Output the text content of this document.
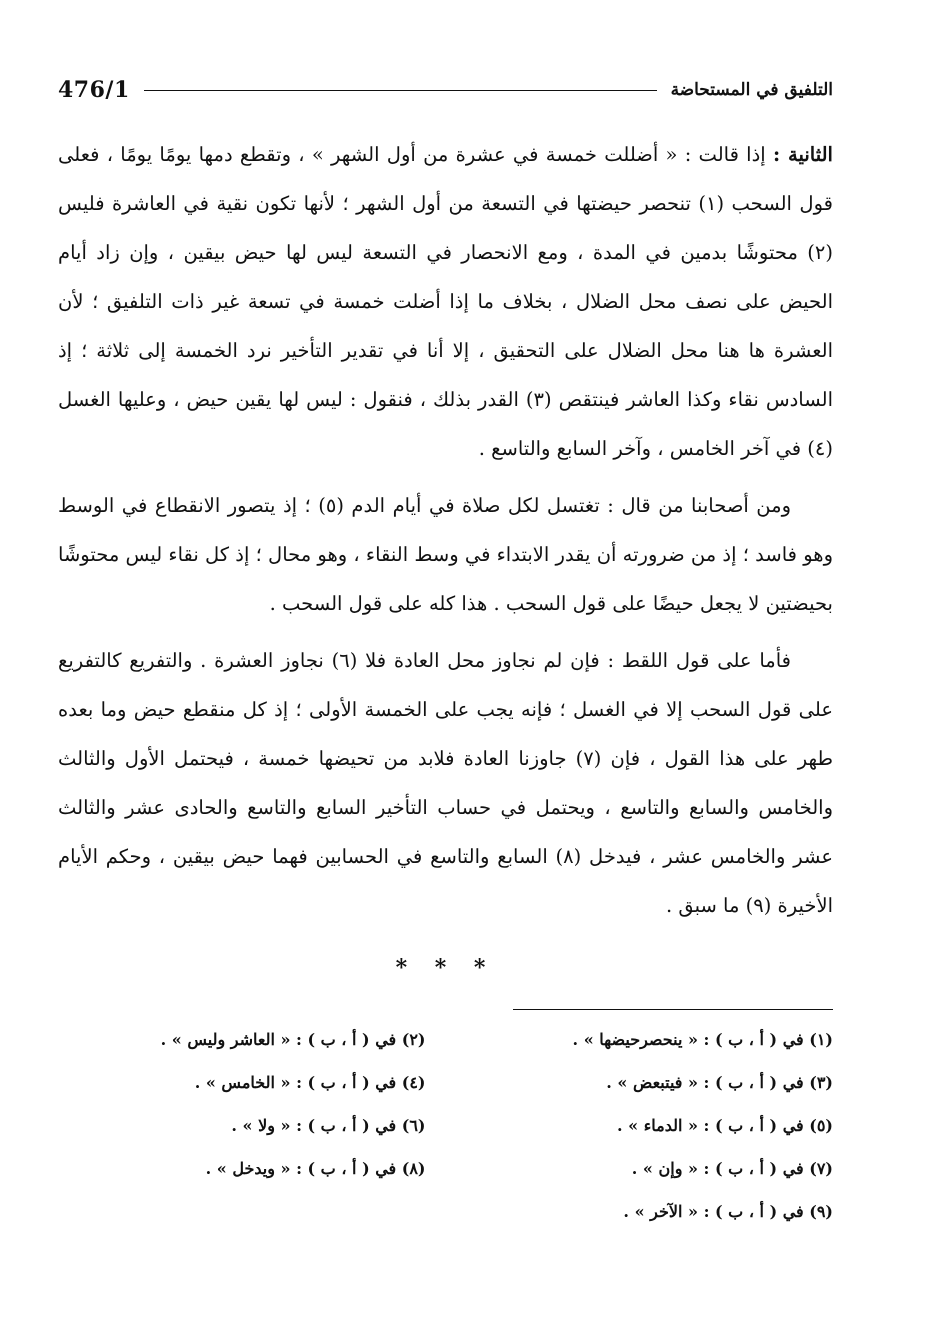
476/1	التلفيق في المستحاضة

الثانية : إذا قالت : « أضللت خمسة في عشرة من أول الشهر » ، وتقطع دمها يومًا يومًا ، فعلى قول السحب (١) تنحصر حيضتها في التسعة من أول الشهر ؛ لأنها تكون نقية في العاشرة فليس (٢) محتوشًا بدمين في المدة ، ومع الانحصار في التسعة ليس لها حيض بيقين ، وإن زاد أيام الحيض على نصف محل الضلال ، بخلاف ما إذا أضلت خمسة في تسعة غير ذات التلفيق ؛ لأن العشرة ها هنا محل الضلال على التحقيق ، إلا أنا في تقدير التأخير نرد الخمسة إلى ثلاثة ؛ إذ السادس نقاء وكذا العاشر فينتقص (٣) القدر بذلك ، فنقول : ليس لها يقين حيض ، وعليها الغسل (٤) في آخر الخامس ، وآخر السابع والتاسع .

ومن أصحابنا من قال : تغتسل لكل صلاة في أيام الدم (٥) ؛ إذ يتصور الانقطاع في الوسط وهو فاسد ؛ إذ من ضرورته أن يقدر الابتداء في وسط النقاء ، وهو محال ؛ إذ كل نقاء ليس محتوشًا بحيضتين لا يجعل حيضًا على قول السحب . هذا كله على قول السحب .

فأما على قول اللقط : فإن لم نجاوز محل العادة فلا (٦) نجاوز العشرة . والتفريع كالتفريع على قول السحب إلا في الغسل ؛ فإنه يجب على الخمسة الأولى ؛ إذ كل منقطع حيض وما بعده طهر على هذا القول ، فإن (٧) جاوزنا العادة فلابد من تحيضها خمسة ، فيحتمل الأول والثالث والخامس والسابع والتاسع ، ويحتمل في حساب التأخير السابع والتاسع والحادى عشر والثالث عشر والخامس عشر ، فيدخل (٨) السابع والتاسع في الحسابين فهما حيض بيقين ، وحكم الأيام الأخيرة (٩) ما سبق .

* * *
(١) في ( أ ، ب ) : « ينحصرحيضها » .
(٢) في ( أ ، ب ) : « العاشر وليس » .
(٣) في ( أ ، ب ) : « فيتبعض » .
(٤) في ( أ ، ب ) : « الخامس » .
(٥) في ( أ ، ب ) : « الدماء » .
(٦) في ( أ ، ب ) : « ولا » .
(٧) في ( أ ، ب ) : « وإن » .
(٨) في ( أ ، ب ) : « ويدخل » .
(٩) في ( أ ، ب ) : « الآخر » .
